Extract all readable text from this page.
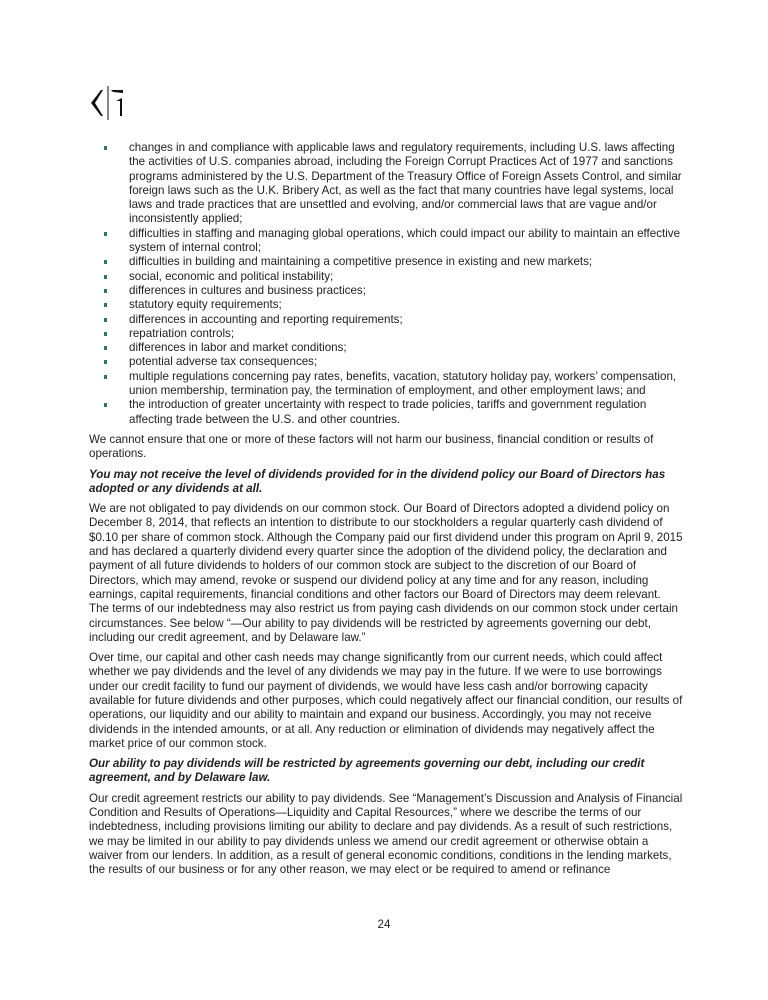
changes in and compliance with applicable laws and regulatory requirements, including U.S. laws affecting the activities of U.S. companies abroad, including the Foreign Corrupt Practices Act of 1977 and sanctions programs administered by the U.S. Department of the Treasury Office of Foreign Assets Control, and similar foreign laws such as the U.K. Bribery Act, as well as the fact that many countries have legal systems, local laws and trade practices that are unsettled and evolving, and/or commercial laws that are vague and/or inconsistently applied;
difficulties in staffing and managing global operations, which could impact our ability to maintain an effective system of internal control;
difficulties in building and maintaining a competitive presence in existing and new markets;
social, economic and political instability;
differences in cultures and business practices;
statutory equity requirements;
differences in accounting and reporting requirements;
repatriation controls;
differences in labor and market conditions;
potential adverse tax consequences;
multiple regulations concerning pay rates, benefits, vacation, statutory holiday pay, workers’ compensation, union membership, termination pay, the termination of employment, and other employment laws; and
the introduction of greater uncertainty with respect to trade policies, tariffs and government regulation affecting trade between the U.S. and other countries.

We cannot ensure that one or more of these factors will not harm our business, financial condition or results of operations.

You may not receive the level of dividends provided for in the dividend policy our Board of Directors has adopted or any dividends at all.

We are not obligated to pay dividends on our common stock. Our Board of Directors adopted a dividend policy on December 8, 2014, that reflects an intention to distribute to our stockholders a regular quarterly cash dividend of $0.10 per share of common stock. Although the Company paid our first dividend under this program on April 9, 2015 and has declared a quarterly dividend every quarter since the adoption of the dividend policy, the declaration and payment of all future dividends to holders of our common stock are subject to the discretion of our Board of Directors, which may amend, revoke or suspend our dividend policy at any time and for any reason, including earnings, capital requirements, financial conditions and other factors our Board of Directors may deem relevant. The terms of our indebtedness may also restrict us from paying cash dividends on our common stock under certain circumstances. See below “—Our ability to pay dividends will be restricted by agreements governing our debt, including our credit agreement, and by Delaware law.”

Over time, our capital and other cash needs may change significantly from our current needs, which could affect whether we pay dividends and the level of any dividends we may pay in the future. If we were to use borrowings under our credit facility to fund our payment of dividends, we would have less cash and/or borrowing capacity available for future dividends and other purposes, which could negatively affect our financial condition, our results of operations, our liquidity and our ability to maintain and expand our business. Accordingly, you may not receive dividends in the intended amounts, or at all. Any reduction or elimination of dividends may negatively affect the market price of our common stock.

Our ability to pay dividends will be restricted by agreements governing our debt, including our credit agreement, and by Delaware law.

Our credit agreement restricts our ability to pay dividends. See “Management’s Discussion and Analysis of Financial Condition and Results of Operations—Liquidity and Capital Resources,” where we describe the terms of our indebtedness, including provisions limiting our ability to declare and pay dividends. As a result of such restrictions, we may be limited in our ability to pay dividends unless we amend our credit agreement or otherwise obtain a waiver from our lenders. In addition, as a result of general economic conditions, conditions in the lending markets, the results of our business or for any other reason, we may elect or be required to amend or refinance

24
